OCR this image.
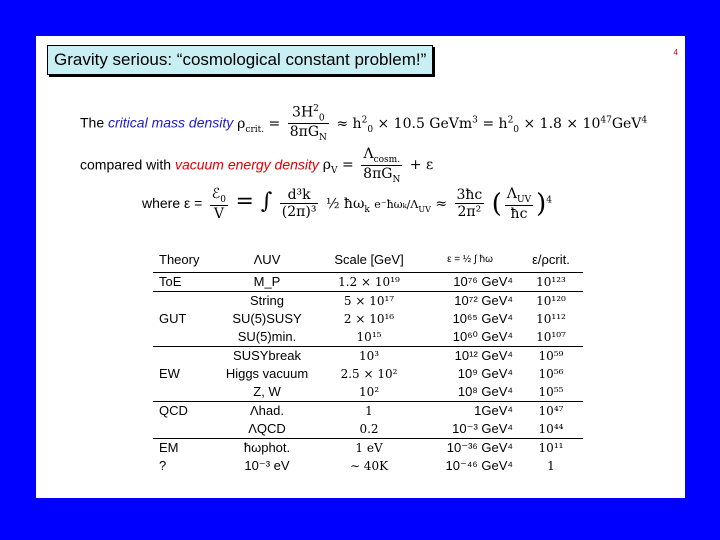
Gravity serious: “cosmological constant problem!”	4
The critical mass density $\rho_{crit.} = \frac{3H^2_0}{8\pi G_N} \approx h^2_0 \times 10.5$ GeVm$^3$ = $h^2_0 \times 1.8 \times 10^{47}GeV^4$
compared with vacuum energy density $\rho_V = \frac{\Lambda_{cosm.}}{8\pi G_N} + \varepsilon$
where $\varepsilon = \frac{ℰ_0}{V}$ = ∫ $\frac{\text{d³k}}{\text{(2π)³}}$ ½ $ħ\omega_k$ $e^-ħ\omega_k/\Lambda_{UV} \approx \frac{3ħc}{\text{2π²}}$ ( $\frac{\Lambda_{UV}}{ħc} )^4$
Theory	ΛUV	Scale [GeV]	ε = ½ ∫ ħω	ε/ρcrit.
ToE	M_P	1.2 × 10¹⁹	10⁷⁶ GeV⁴	10¹²³
	String	5 × 10¹⁷	10⁷² GeV⁴	10¹²⁰
GUT	SU(5)SUSY	2 × 10¹⁶	10⁶⁵ GeV⁴	10¹¹²
	SU(5)min.	10¹⁵	10⁶⁰ GeV⁴	10¹⁰⁷
	SUSYbreak	10³	10¹² GeV⁴	10⁵⁹
EW	Higgs vacuum	2.5 × 10²	10⁹ GeV⁴	10⁵⁶
	Z, W	10²	10⁸ GeV⁴	10⁵⁵
QCD	Λhad.	1	1GeV⁴	10⁴⁷
	ΛQCD	0.2	10⁻³ GeV⁴	10⁴⁴
EM	ħωphot.	1 eV	10⁻³⁶ GeV⁴	10¹¹
?	10⁻³ eV	∼ 40K	10⁻⁴⁶ GeV⁴	1
